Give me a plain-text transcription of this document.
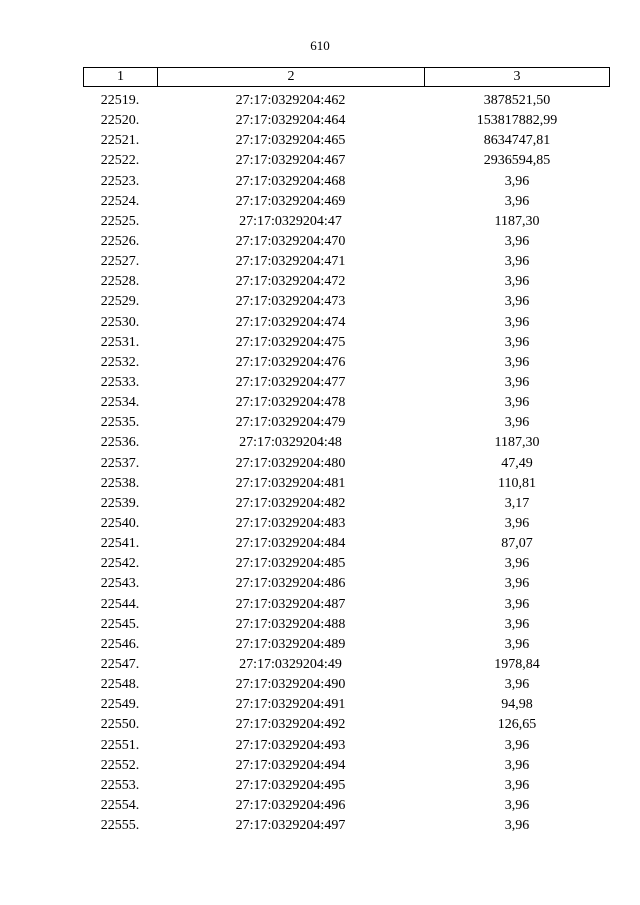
610
1	2	3
22519.	27:17:0329204:462	3878521,50
22520.	27:17:0329204:464	153817882,99
22521.	27:17:0329204:465	8634747,81
22522.	27:17:0329204:467	2936594,85
22523.	27:17:0329204:468	3,96
22524.	27:17:0329204:469	3,96
22525.	27:17:0329204:47	1187,30
22526.	27:17:0329204:470	3,96
22527.	27:17:0329204:471	3,96
22528.	27:17:0329204:472	3,96
22529.	27:17:0329204:473	3,96
22530.	27:17:0329204:474	3,96
22531.	27:17:0329204:475	3,96
22532.	27:17:0329204:476	3,96
22533.	27:17:0329204:477	3,96
22534.	27:17:0329204:478	3,96
22535.	27:17:0329204:479	3,96
22536.	27:17:0329204:48	1187,30
22537.	27:17:0329204:480	47,49
22538.	27:17:0329204:481	110,81
22539.	27:17:0329204:482	3,17
22540.	27:17:0329204:483	3,96
22541.	27:17:0329204:484	87,07
22542.	27:17:0329204:485	3,96
22543.	27:17:0329204:486	3,96
22544.	27:17:0329204:487	3,96
22545.	27:17:0329204:488	3,96
22546.	27:17:0329204:489	3,96
22547.	27:17:0329204:49	1978,84
22548.	27:17:0329204:490	3,96
22549.	27:17:0329204:491	94,98
22550.	27:17:0329204:492	126,65
22551.	27:17:0329204:493	3,96
22552.	27:17:0329204:494	3,96
22553.	27:17:0329204:495	3,96
22554.	27:17:0329204:496	3,96
22555.	27:17:0329204:497	3,96
